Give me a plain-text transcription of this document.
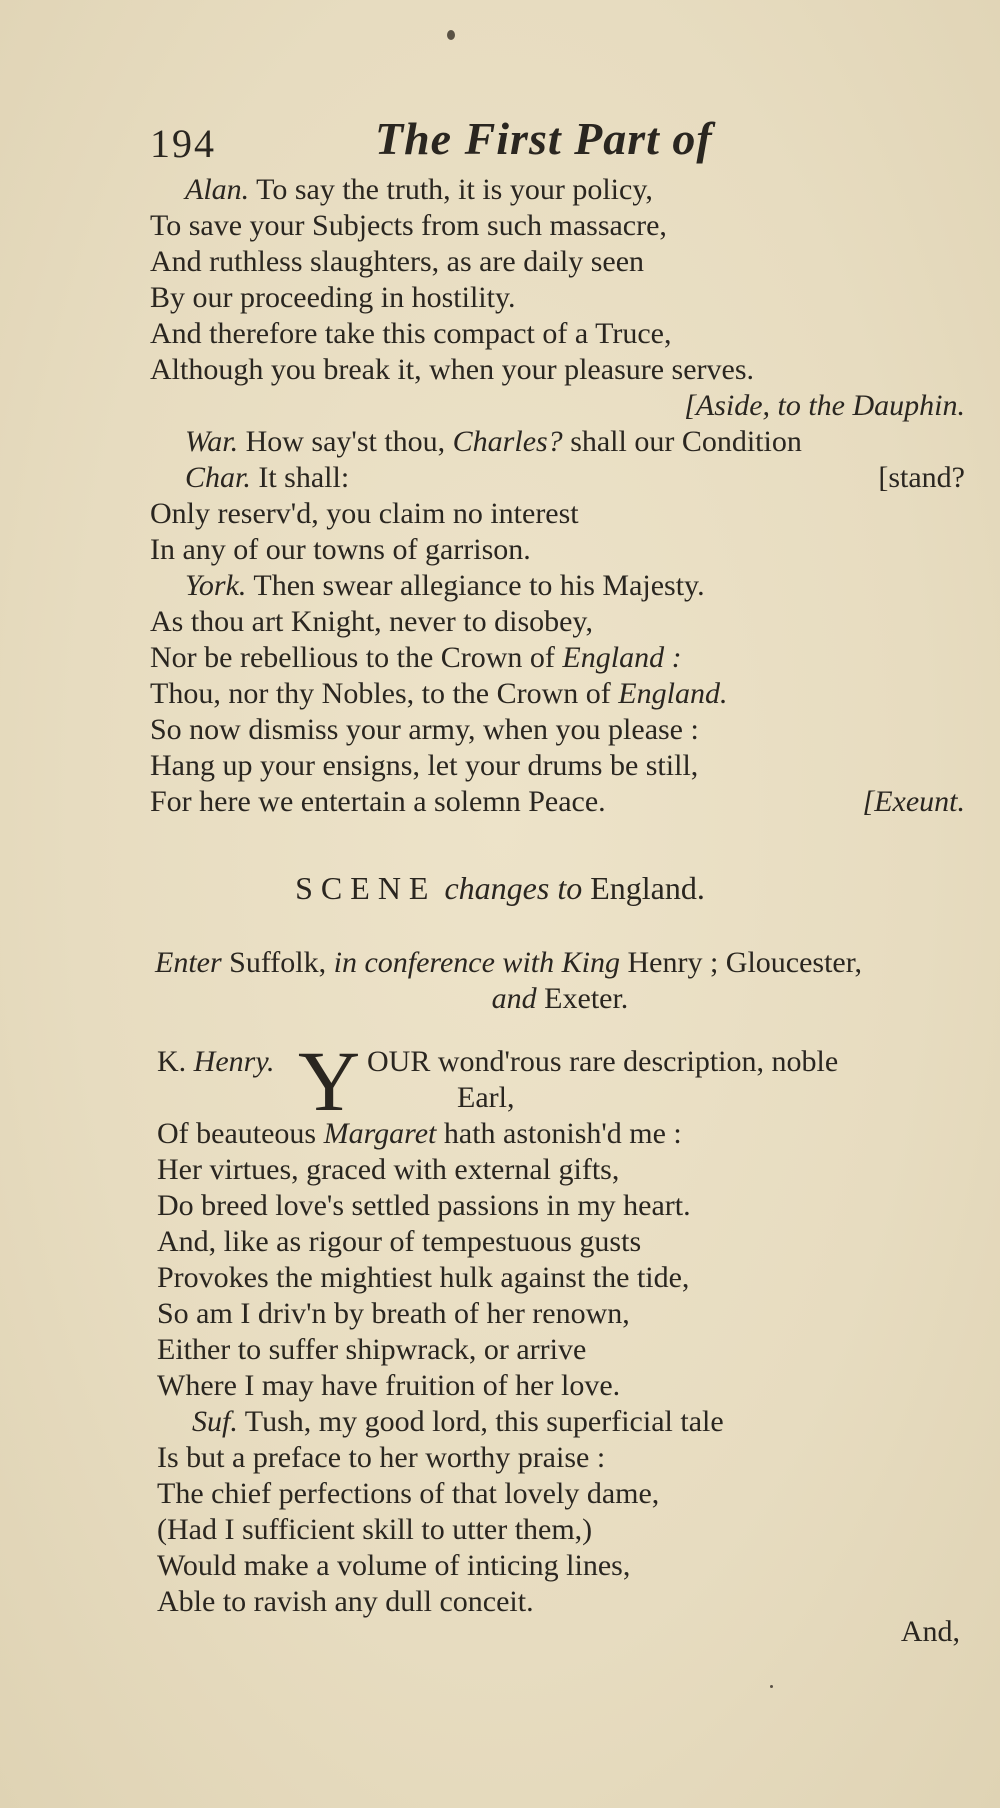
194	The First Part of
Alan. To say the truth, it is your policy,
To save your Subjects from such massacre,
And ruthless slaughters, as are daily seen
By our proceeding in hostility.
And therefore take this compact of a Truce,
Although you break it, when your pleasure serves.
[Aside, to the Dauphin.
War. How say'st thou, Charles? shall our Condition
Char. It shall:	[stand?
Only reserv'd, you claim no interest
In any of our towns of garrison.
York. Then swear allegiance to his Majesty.
As thou art Knight, never to disobey,
Nor be rebellious to the Crown of England :
Thou, nor thy Nobles, to the Crown of England.
So now dismiss your army, when you please :
Hang up your ensigns, let your drums be still,
For here we entertain a solemn Peace.	[Exeunt.
SCENE changes to England.
Enter Suffolk, in conference with King Henry ; Gloucester,
and Exeter.
Y
K. Henry.	OUR wond'rous rare description, noble
Earl,
Of beauteous Margaret hath astonish'd me :
Her virtues, graced with external gifts,
Do breed love's settled passions in my heart.
And, like as rigour of tempestuous gusts
Provokes the mightiest hulk against the tide,
So am I driv'n by breath of her renown,
Either to suffer shipwrack, or arrive
Where I may have fruition of her love.
Suf. Tush, my good lord, this superficial tale
Is but a preface to her worthy praise :
The chief perfections of that lovely dame,
(Had I sufficient skill to utter them,)
Would make a volume of inticing lines,
Able to ravish any dull conceit.
And,
